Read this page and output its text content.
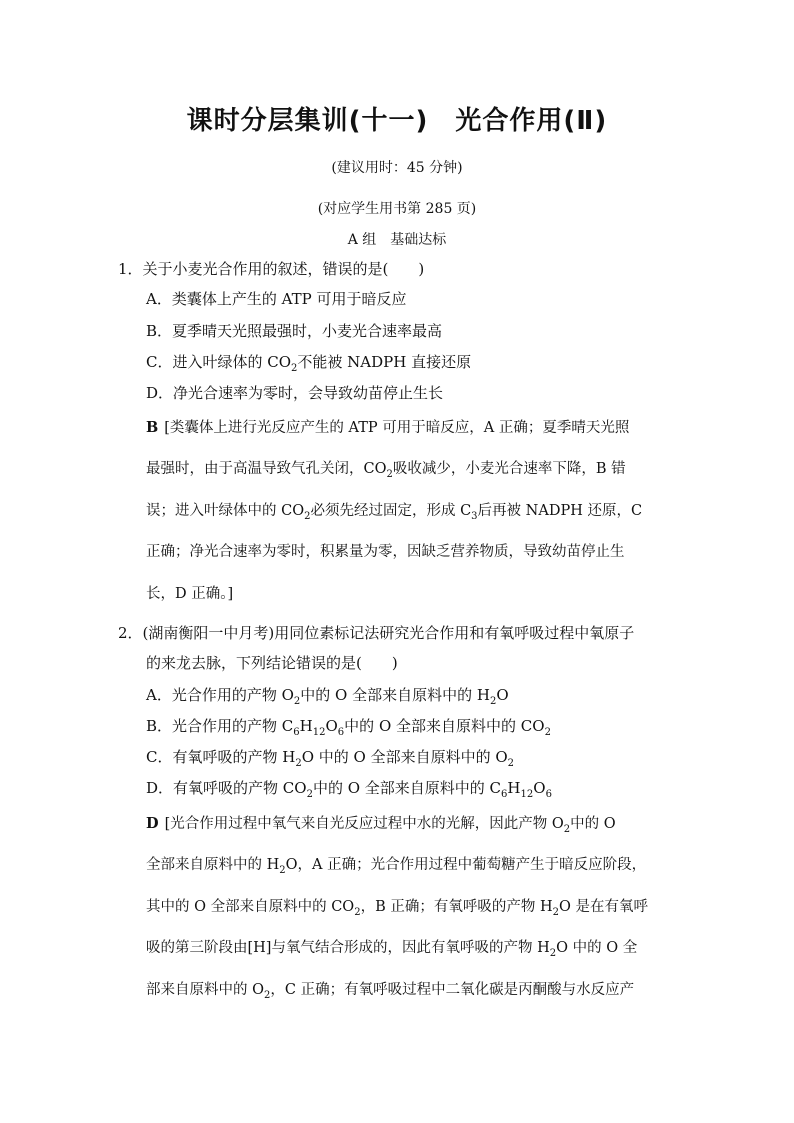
课时分层集训(十一)　光合作用(Ⅱ)
(建议用时：45 分钟)
(对应学生用书第 285 页)
A 组　基础达标
1．关于小麦光合作用的叙述，错误的是(　　)
A．类囊体上产生的 ATP 可用于暗反应
B．夏季晴天光照最强时，小麦光合速率最高
C．进入叶绿体的 $CO_2$不能被 NADPH 直接还原
D．净光合速率为零时，会导致幼苗停止生长
B [类囊体上进行光反应产生的 ATP 可用于暗反应，A 正确；夏季晴天光照
最强时，由于高温导致气孔关闭，$CO_2$吸收减少，小麦光合速率下降，B 错
误；进入叶绿体中的 $CO_2$必须先经过固定，形成 $C_3$后再被 NADPH 还原，C
正确；净光合速率为零时，积累量为零，因缺乏营养物质，导致幼苗停止生
长，D 正确。]
2．(湖南衡阳一中月考)用同位素标记法研究光合作用和有氧呼吸过程中氧原子
的来龙去脉，下列结论错误的是(　　)
A．光合作用的产物 $O_2$中的 O 全部来自原料中的 $H_2O$
B．光合作用的产物 $C_6H_{12}O_6$中的 O 全部来自原料中的 $CO_2$
C．有氧呼吸的产物 $H_2O$ 中的 O 全部来自原料中的 $O_2$
D．有氧呼吸的产物 $CO_2$中的 O 全部来自原料中的 $C_6H_{12}O_6$
D [光合作用过程中氧气来自光反应过程中水的光解，因此产物 $O_2$中的 O
全部来自原料中的 $H_2O$，A 正确；光合作用过程中葡萄糖产生于暗反应阶段，
其中的 O 全部来自原料中的 $CO_2$，B 正确；有氧呼吸的产物 $H_2O$ 是在有氧呼
吸的第三阶段由[H]与氧气结合形成的，因此有氧呼吸的产物 $H_2O$ 中的 O 全
部来自原料中的 $O_2$，C 正确；有氧呼吸过程中二氧化碳是丙酮酸与水反应产
